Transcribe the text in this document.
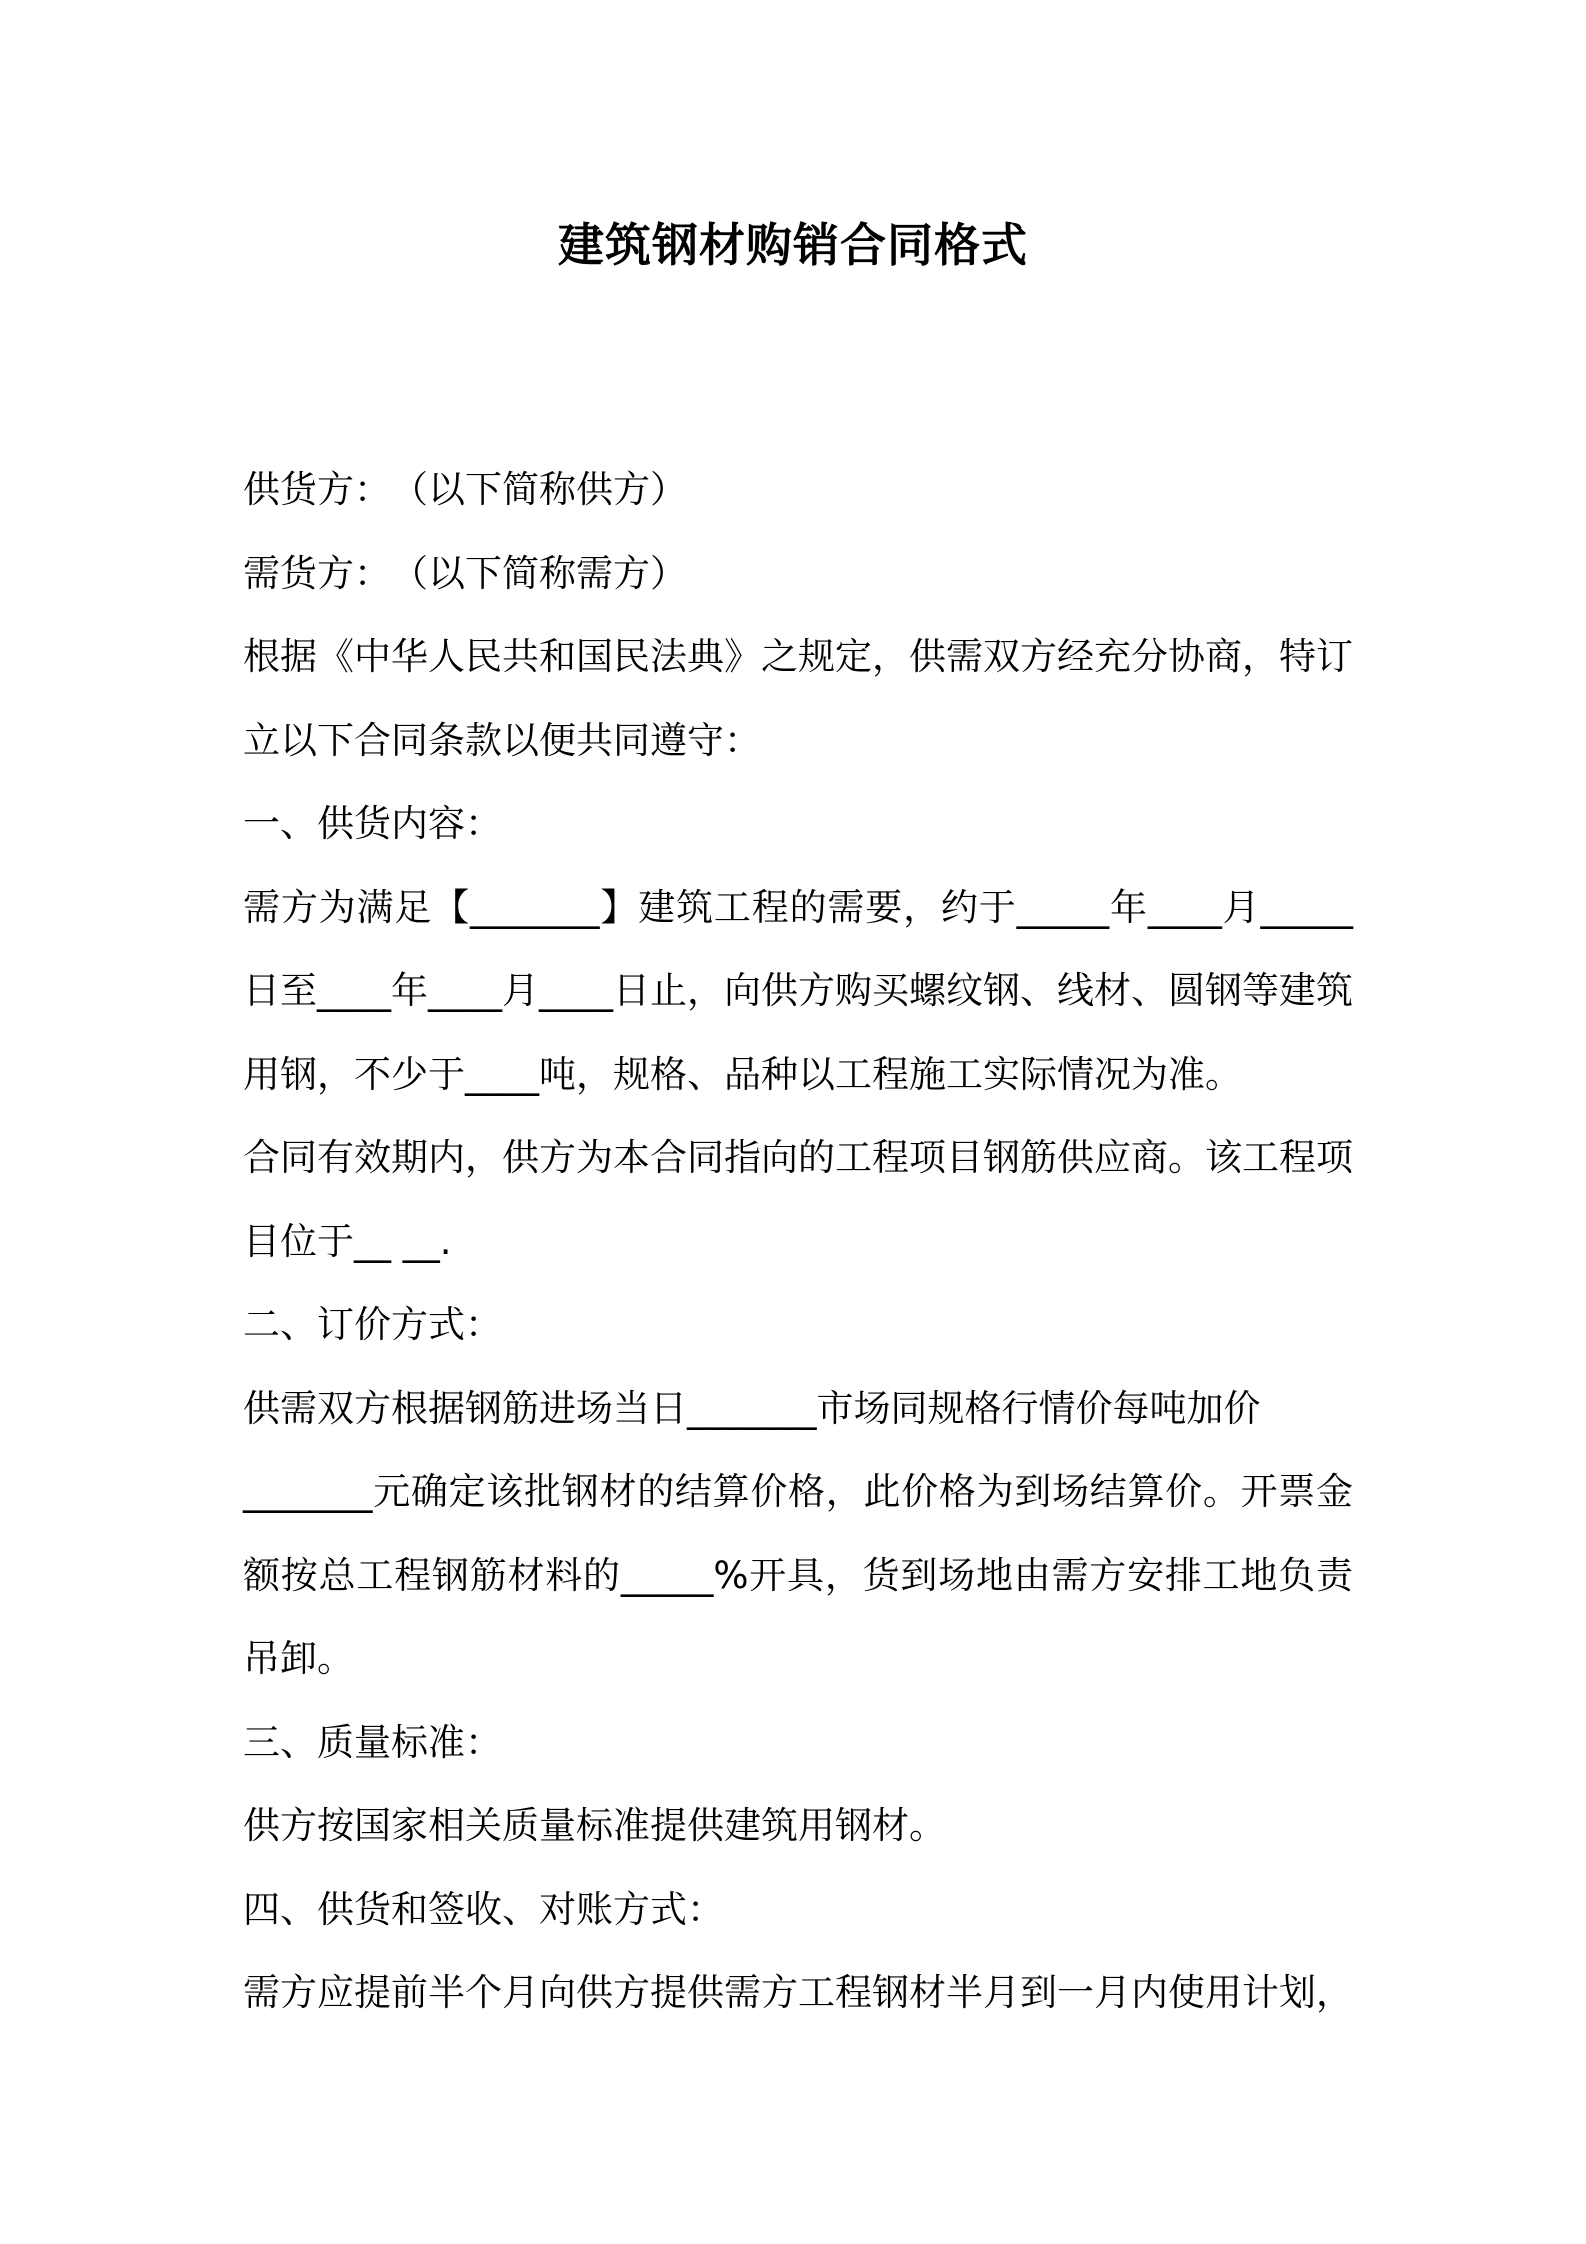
建筑钢材购销合同格式

供货方：　（以下简称供方）

需货方：　（以下简称需方）

根据《中华人民共和国民法典》之规定，供需双方经充分协商，特订立以下合同条款以便共同遵守：

一、供货内容：

需方为满足【_______】建筑工程的需要，约于_____年____月_____日至____年____月____日止，向供方购买螺纹钢、线材、圆钢等建筑用钢，不少于____吨，规格、品种以工程施工实际情况为准。

合同有效期内，供方为本合同指向的工程项目钢筋供应商。该工程项目位于__ __.

二、订价方式：

供需双方根据钢筋进场当日_______市场同规格行情价每吨加价

_______元确定该批钢材的结算价格，此价格为到场结算价。开票金额按总工程钢筋材料的_____%开具，货到场地由需方安排工地负责吊卸。

三、质量标准：

供方按国家相关质量标准提供建筑用钢材。

四、供货和签收、对账方式：

需方应提前半个月向供方提供需方工程钢材半月到一月内使用计划，
